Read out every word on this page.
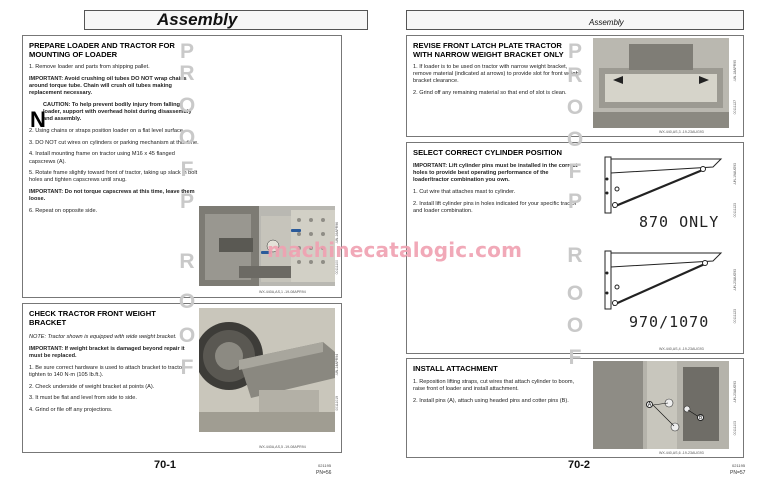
Assembly
PREPARE LOADER AND TRACTOR FOR
MOUNTING OF LOADER

1. Remove loader and parts from shipping pallet.

IMPORTANT: Avoid crushing oil tubes DO NOT wrap chains around torque tube. Chain will crush oil tubes making replacement necessary.

CAUTION: To help prevent bodily injury from falling loader, support with overhead hoist during disassembly and assembly.

2. Using chains or straps position loader on a flat level surface.

3. DO NOT cut wires on cylinders or parking mechanism at this time.

4. Install mounting frame on tractor using M16 x 45 flanged capscrews (A).

5. Rotate frame slightly toward front of tractor, taking up slack in bolt holes and tighten capscrews until snug.

IMPORTANT: Do not torque capscrews at this time, leave them loose.

6. Repeat on opposite side.

N
00111100
-UN-16APR96
WX.440A,AS,1 -19-08APR94
CHECK TRACTOR FRONT WEIGHT
BRACKET

NOTE: Tractor shown is equipped with wide weight bracket.

IMPORTANT: If weight bracket is damaged beyond repair it must be replaced.

1. Be sure correct hardware is used to attach bracket to tractor, tighten to 140 N·m (105 lb.ft.).

2. Check underside of weight bracket at points (A).

3. It must be flat and level from side to side.

4. Grind or file off any projections.	00111019
-UN-14APR94
WX.440A,AS,5 -19-08APR94
P
R
O
O
F
P
R
O
O
F
70-1	021195
PN=56
Assembly
REVISE FRONT LATCH PLATE TRACTOR
WITH NARROW WEIGHT BRACKET ONLY

1. If loader is to be used on tractor with narrow weight bracket, remove material (indicated at arrows) to provide slot for front weight bracket clearance.

2. Grind off any remaining material so that end of slot is clean.

00111127
-UN-18APR95
WX.440,AS,3 -19-23AUG93
SELECT CORRECT CYLINDER POSITION

IMPORTANT: Lift cylinder pins must be installed in the correct holes to provide best operating performance of the loader/tractor combination you own.

1. Cut wire that attaches mast to cylinder.

2. Install lift cylinder pins in holes indicated for your specific tractor and loader combination.

870 ONLY
00111123
-UN-19AUG93
970/1070	00111123
-UN-23AUG93
WX.440,AS,4 -19-23AUG93
INSTALL ATTACHMENT

1. Reposition lifting straps, cut wires that attach cylinder to boom, raise front of loader and install attachment.

2. Install pins (A), attach using headed pins and cotter pins (B).

A
B
00111103
-UN-23AUG93
WX.440,AS,6 -19-23AUG93
P
R
O
O
F
P
R
O
O
F
70-2	021195
PN=57
machinecatalogic.com
